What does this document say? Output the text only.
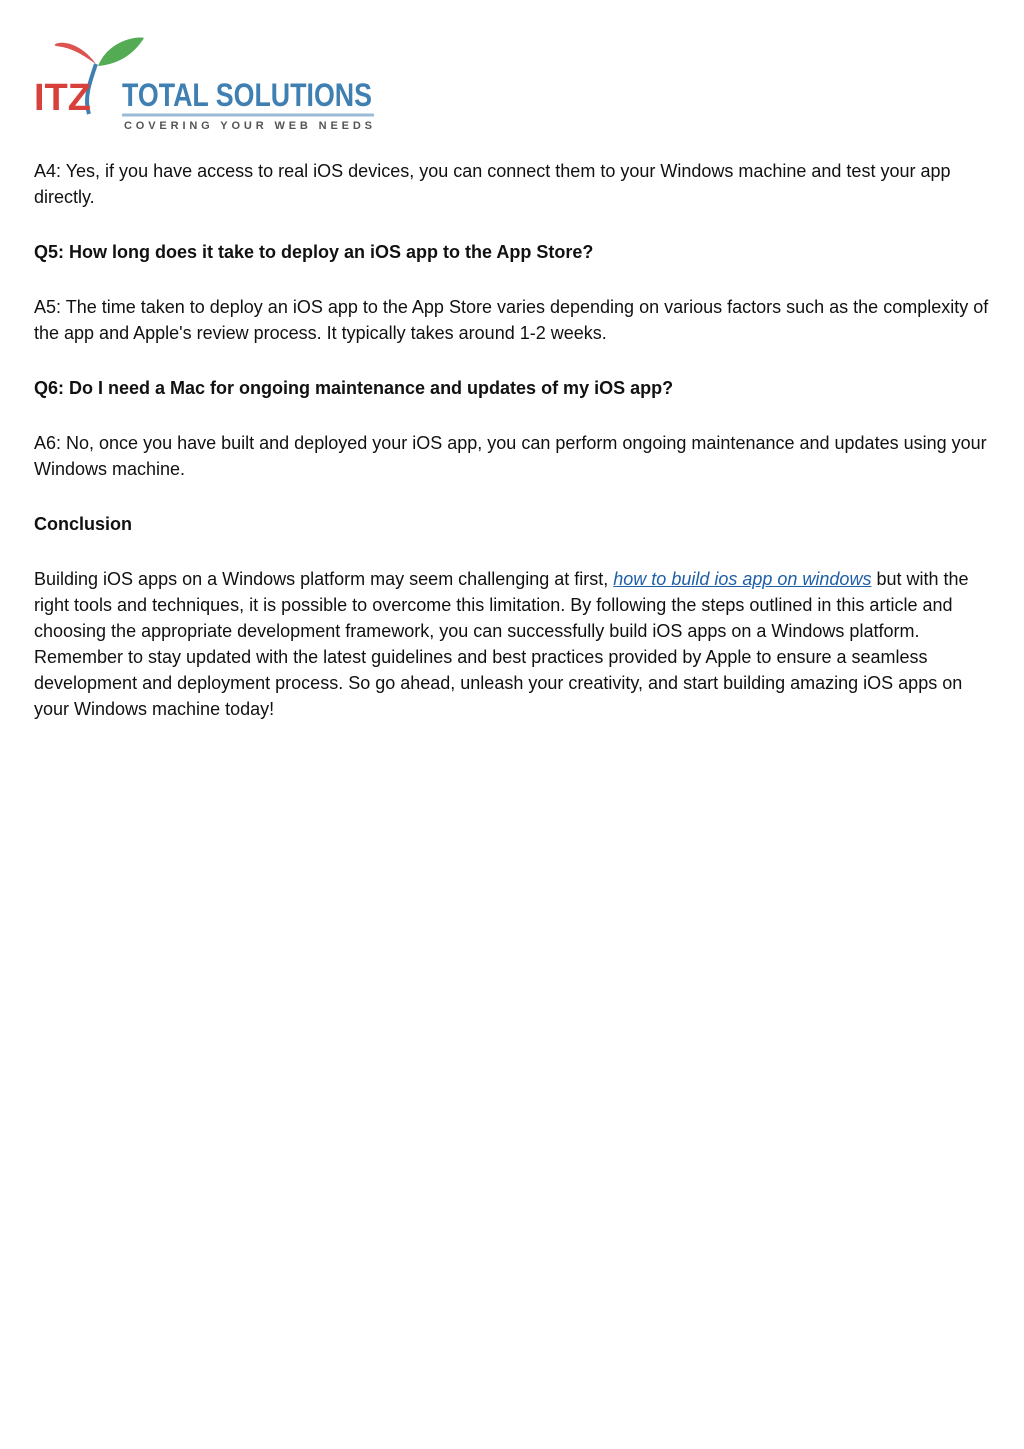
ITZ TOTAL SOLUTIONS
COVERING YOUR WEB NEEDS

A4: Yes, if you have access to real iOS devices, you can connect them to your Windows machine and test your app directly.

Q5: How long does it take to deploy an iOS app to the App Store?

A5: The time taken to deploy an iOS app to the App Store varies depending on various factors such as the complexity of the app and Apple's review process. It typically takes around 1-2 weeks.

Q6: Do I need a Mac for ongoing maintenance and updates of my iOS app?

A6: No, once you have built and deployed your iOS app, you can perform ongoing maintenance and updates using your Windows machine.

Conclusion

Building iOS apps on a Windows platform may seem challenging at first, how to build ios app on windows but with the right tools and techniques, it is possible to overcome this limitation. By following the steps outlined in this article and choosing the appropriate development framework, you can successfully build iOS apps on a Windows platform. Remember to stay updated with the latest guidelines and best practices provided by Apple to ensure a seamless development and deployment process. So go ahead, unleash your creativity, and start building amazing iOS apps on your Windows machine today!
